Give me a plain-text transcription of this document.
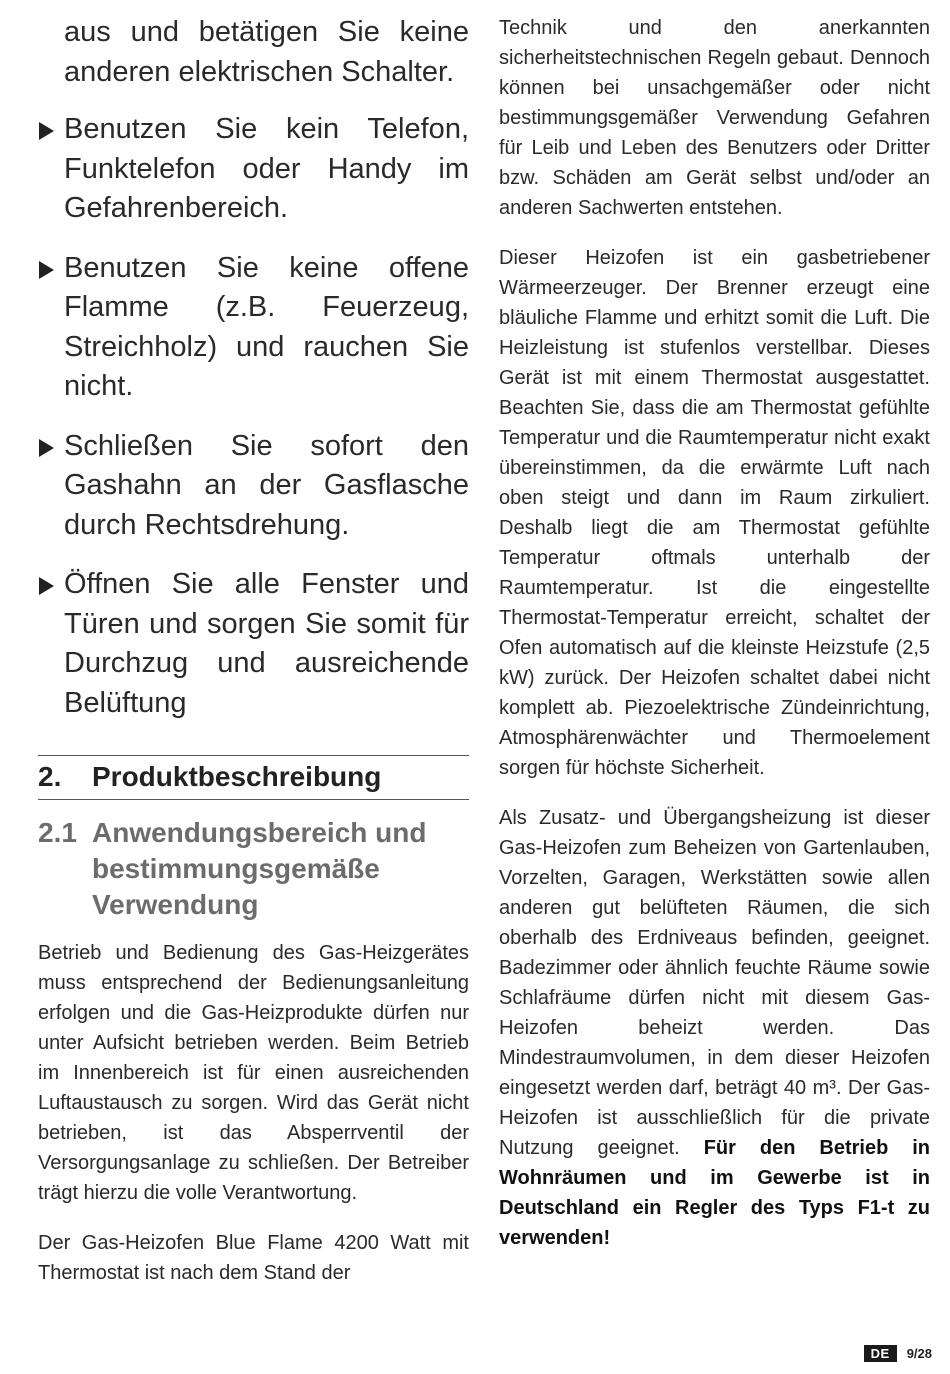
aus und betätigen Sie keine anderen elektrischen Schalter.

Benutzen Sie kein Telefon, Funktelefon oder Handy im Gefahrenbereich.
Benutzen Sie keine offene Flamme (z.B. Feuerzeug, Streichholz) und rauchen Sie nicht.
Schließen Sie sofort den Gashahn an der Gasflasche durch Rechtsdrehung.
Öffnen Sie alle Fenster und Türen und sorgen Sie somit für Durchzug und ausreichende Belüftung
2.	Produktbeschreibung
2.1 Anwendungsbereich und bestimmungsgemäße Verwendung

Betrieb und Bedienung des Gas-Heizgerätes muss entsprechend der Bedienungsanleitung erfolgen und die Gas-Heizprodukte dürfen nur unter Aufsicht betrieben werden. Beim Betrieb im Innenbereich ist für einen ausreichenden Luftaustausch zu sorgen. Wird das Gerät nicht betrieben, ist das Absperrventil der Versorgungsanlage zu schließen. Der Betreiber trägt hierzu die volle Verantwortung.

Der Gas-Heizofen Blue Flame 4200 Watt mit Thermostat ist nach dem Stand der

Technik und den anerkannten sicherheitstechnischen Regeln gebaut. Dennoch können bei unsachgemäßer oder nicht bestimmungsgemäßer Verwendung Gefahren für Leib und Leben des Benutzers oder Dritter bzw. Schäden am Gerät selbst und/oder an anderen Sachwerten entstehen.

Dieser Heizofen ist ein gasbetriebener Wärmeerzeuger. Der Brenner erzeugt eine bläuliche Flamme und erhitzt somit die Luft. Die Heizleistung ist stufenlos verstellbar. Dieses Gerät ist mit einem Thermostat ausgestattet. Beachten Sie, dass die am Thermostat gefühlte Temperatur und die Raumtemperatur nicht exakt übereinstimmen, da die erwärmte Luft nach oben steigt und dann im Raum zirkuliert. Deshalb liegt die am Thermostat gefühlte Temperatur oftmals unterhalb der Raumtemperatur. Ist die eingestellte Thermostat-Temperatur erreicht, schaltet der Ofen automatisch auf die kleinste Heizstufe (2,5 kW) zurück. Der Heizofen schaltet dabei nicht komplett ab. Piezoelektrische Zündeinrichtung, Atmosphärenwächter und Thermoelement sorgen für höchste Sicherheit.

Als Zusatz- und Übergangsheizung ist dieser Gas-Heizofen zum Beheizen von Gartenlauben, Vorzelten, Garagen, Werkstätten sowie allen anderen gut belüfteten Räumen, die sich oberhalb des Erdniveaus befinden, geeignet. Badezimmer oder ähnlich feuchte Räume sowie Schlafräume dürfen nicht mit diesem Gas-Heizofen beheizt werden. Das Mindestraumvolumen, in dem dieser Heizofen eingesetzt werden darf, beträgt 40 m³. Der Gas-Heizofen ist ausschließlich für die private Nutzung geeignet. Für den Betrieb in Wohnräumen und im Gewerbe ist in Deutschland ein Regler des Typs F1-t zu verwenden!

DE	9/28
